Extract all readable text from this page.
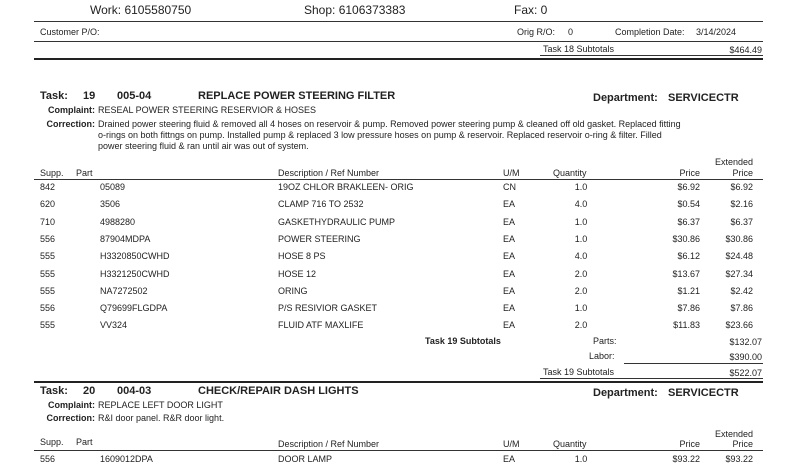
Work: 6105580750	Shop: 6106373383	Fax: 0
Customer P/O:	Orig R/O: 0	Completion Date: 3/14/2024
Task 18 Subtotals	$464.49
Task: 19 005-04	REPLACE POWER STEERING FILTER	Department: SERVICECTR
Complaint: RESEAL POWER STEERING RESERVIOR & HOSES
Correction: Drained power steering fluid & removed all 4 hoses on reservoir & pump. Removed power steering pump & cleaned off old gasket. Replaced fitting
o-rings on both fittngs on pump. Installed pump & replaced 3 low pressure hoses on pump & reservoir. Replaced reservoir o-ring & filter. Filled
power steering fluid & ran until air was out of system.
Supp. Part	Description / Ref Number	U/M	Quantity	Price
Extended
Price
842	05089	19OZ CHLOR BRAKLEEN- ORIG	CN	1.0	$6.92	$6.92
620	3506	CLAMP 716 TO 2532	EA	4.0	$0.54	$2.16
710	4988280	GASKETHYDRAULIC PUMP	EA	1.0	$6.37	$6.37
556	87904MDPA	POWER STEERING	EA	1.0	$30.86	$30.86
555	H3320850CWHD	HOSE 8 PS	EA	4.0	$6.12	$24.48
555	H3321250CWHD	HOSE 12	EA	2.0	$13.67	$27.34
555	NA7272502	ORING	EA	2.0	$1.21	$2.42
556	Q79699FLGDPA	P/S RESIVIOR GASKET	EA	1.0	$7.86	$7.86
555	VV324	FLUID ATF MAXLIFE	EA	2.0	$11.83	$23.66
Task 19 Subtotals	Parts:	$132.07
Labor:	$390.00
Task 19 Subtotals	$522.07
Task: 20 004-03	CHECK/REPAIR DASH LIGHTS	Department: SERVICECTR
Complaint: REPLACE LEFT DOOR LIGHT
Correction: R&I door panel. R&R door light.
Supp. Part	Description / Ref Number	U/M	Quantity	Price
Extended
Price
556	1609012DPA	DOOR LAMP	EA	1.0	$93.22	$93.22
